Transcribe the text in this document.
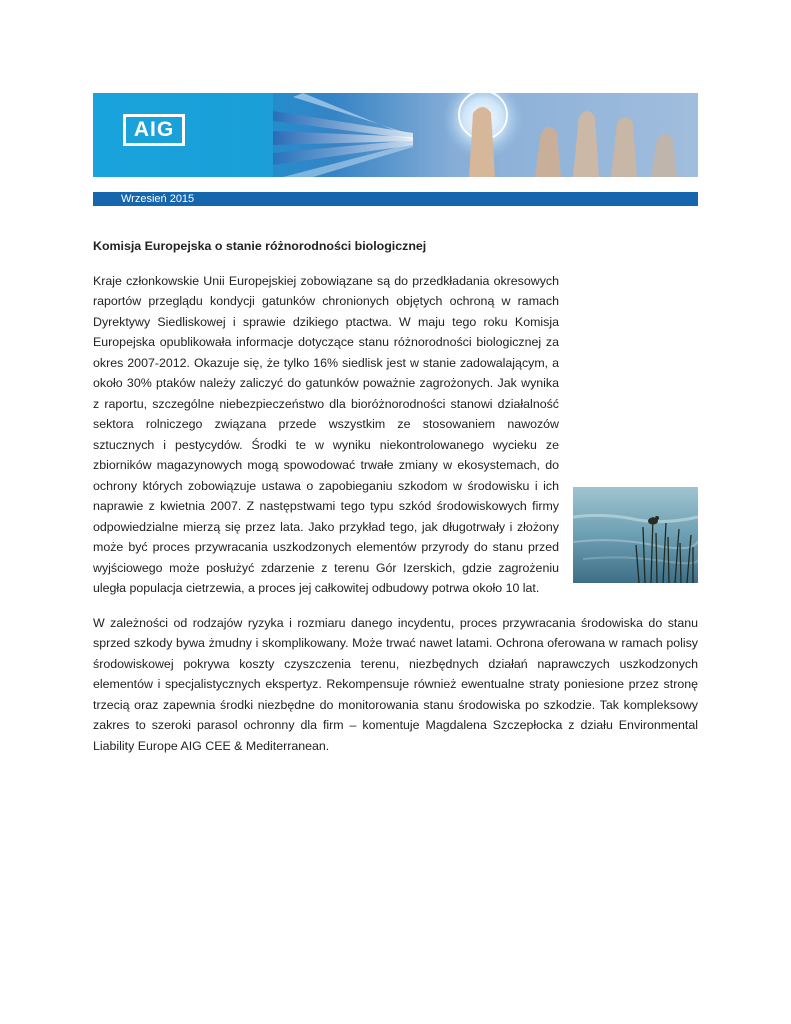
AIG
Wrzesień 2015
Komisja Europejska o stanie różnorodności biologicznej
Kraje członkowskie Unii Europejskiej zobowiązane są do przedkładania okresowych raportów przeglądu kondycji gatunków chronionych objętych ochroną w ramach Dyrektywy Siedliskowej i sprawie dzikiego ptactwa. W maju tego roku Komisja Europejska opublikowała informacje dotyczące stanu różnorodności biologicznej za okres 2007-2012. Okazuje się, że tylko 16% siedlisk jest w stanie zadowalającym, a około 30% ptaków należy zaliczyć do gatunków poważnie zagrożonych. Jak wynika z raportu, szczególne niebezpieczeństwo dla bioróżnorodności stanowi działalność sektora rolniczego związana przede wszystkim ze stosowaniem nawozów sztucznych i pestycydów. Środki te w wyniku niekontrolowanego wycieku ze zbiorników magazynowych mogą spowodować trwałe zmiany w ekosystemach, do ochrony których zobowiązuje ustawa o zapobieganiu szkodom w środowisku i ich naprawie z kwietnia 2007. Z następstwami tego typu szkód środowiskowych firmy odpowiedzialne mierzą się przez lata. Jako przykład tego, jak długotrwały i złożony może być proces przywracania uszkodzonych elementów przyrody do stanu przed wyjściowego może posłużyć zdarzenie z terenu Gór Izerskich, gdzie zagrożeniu uległa populacja cietrzewia, a proces jej całkowitej odbudowy potrwa około 10 lat.
W zależności od rodzajów ryzyka i rozmiaru danego incydentu, proces przywracania środowiska do stanu sprzed szkody bywa żmudny i skomplikowany. Może trwać nawet latami. Ochrona oferowana w ramach polisy środowiskowej pokrywa koszty czyszczenia terenu, niezbędnych działań naprawczych uszkodzonych elementów i specjalistycznych ekspertyz. Rekompensuje również ewentualne straty poniesione przez stronę trzecią oraz zapewnia środki niezbędne do monitorowania stanu środowiska po szkodzie. Tak kompleksowy zakres to szeroki parasol ochronny dla firm – komentuje Magdalena Szczepłocka z działu Environmental Liability Europe AIG CEE & Mediterranean.
